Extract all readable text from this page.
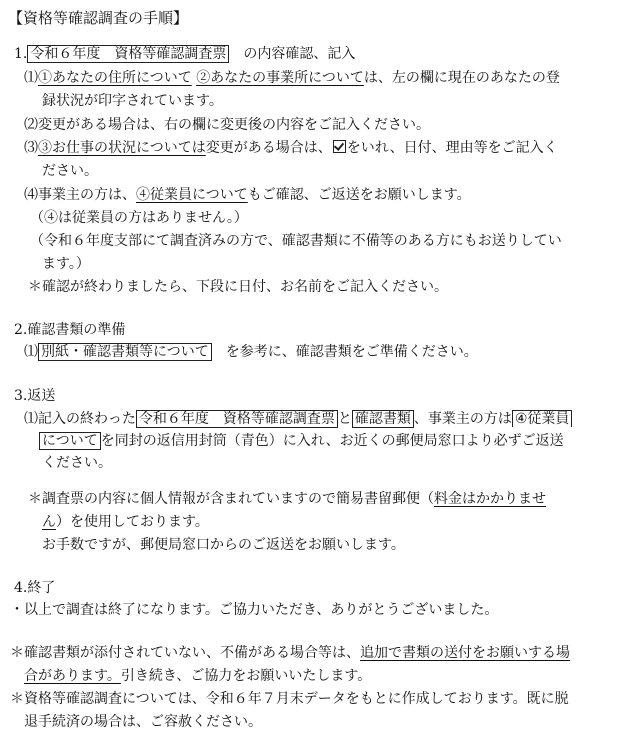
【資格等確認調査の手順】
1. 令和６年度　資格等確認調査票　の内容確認、記入
⑴①あなたの住所について ②あなたの事業所については、左の欄に現在のあなたの登
録状況が印字されています。
⑵変更がある場合は、右の欄に変更後の内容をご記入ください。
⑶③お仕事の状況については変更がある場合は、 をいれ、日付、理由等をご記入く
ださい。
⑷事業主の方は、④従業員についてもご確認、ご返送をお願いします。
（④は従業員の方はありません。）
（令和６年度支部にて調査済みの方で、確認書類に不備等のある方にもお送りしてい
ます。）
＊確認が終わりましたら、下段に日付、お名前をご記入ください。
2.確認書類の準備
⑴ 別紙・確認書類等について　を参考に、確認書類をご準備ください。
3.返送
⑴記入の終わった 令和６年度　資格等確認調査票 と 確認書類 、事業主の方は ④従業員
について を同封の返信用封筒（青色）に入れ、お近くの郵便局窓口より必ずご返送
ください。
＊調査票の内容に個人情報が含まれていますので簡易書留郵便（料金はかかりませ
ん）を使用しております。
お手数ですが、郵便局窓口からのご返送をお願いします。
4.終了
・以上で調査は終了になります。ご協力いただき、ありがとうございました。
＊確認書類が添付されていない、不備がある場合等は、追加で書類の送付をお願いする場
合があります。引き続き、ご協力をお願いいたします。
＊資格等確認調査については、令和６年７月末データをもとに作成しております。既に脱
退手続済の場合は、ご容赦ください。
